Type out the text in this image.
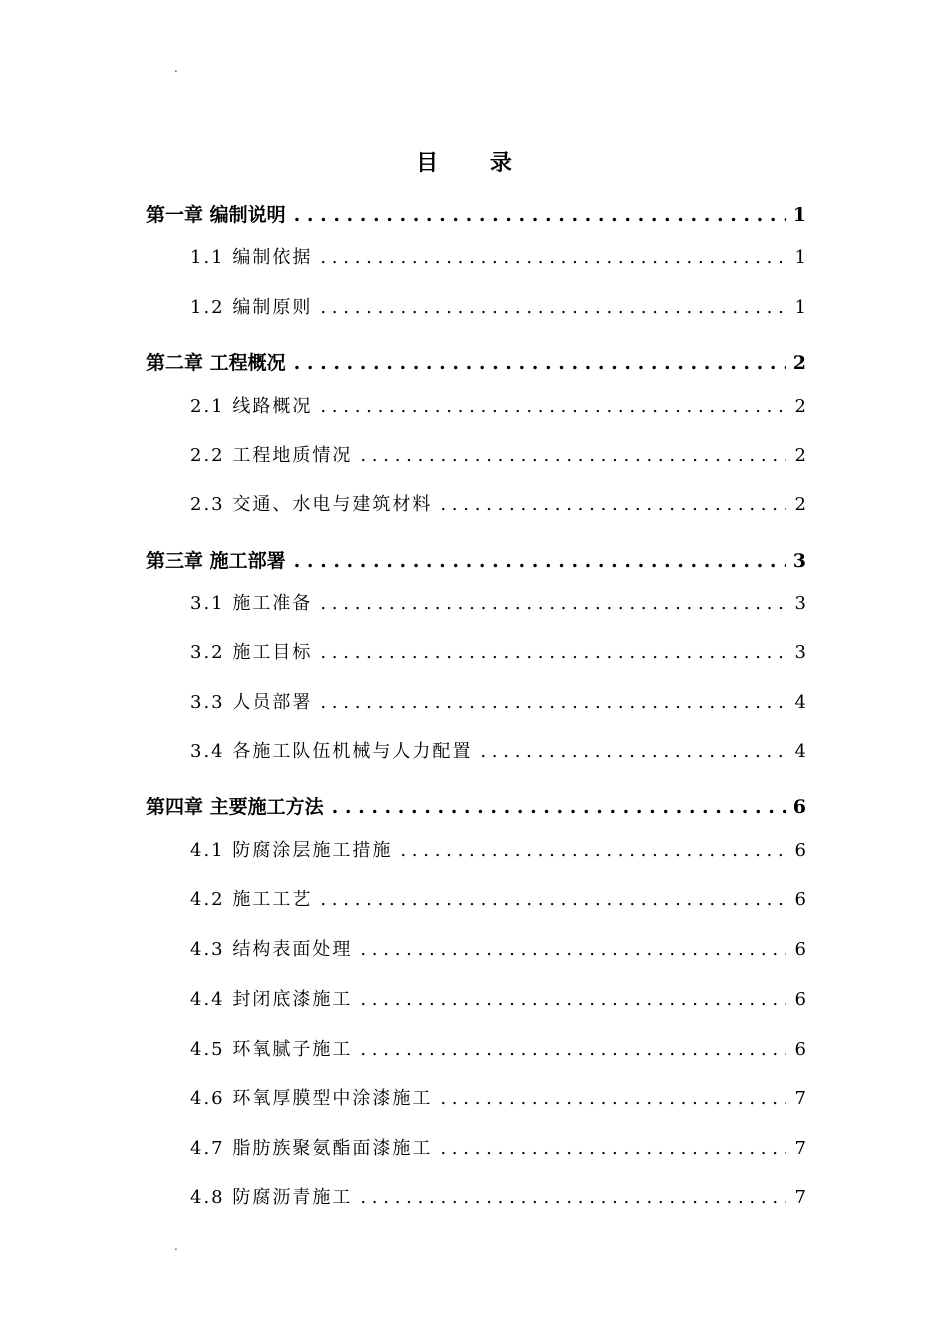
.
目 录
第一章 编制说明 . . .	1
1.1 编制依据 . . .	1
1.2 编制原则 . . .	1
第二章 工程概况 . . .	2
2.1 线路概况 . . .	2
2.2 工程地质情况 . . .	2
2.3 交通、水电与建筑材料 . . .	2
第三章 施工部署 . . .	3
3.1 施工准备 . . .	3
3.2 施工目标 . . .	3
3.3 人员部署 . . .	4
3.4 各施工队伍机械与人力配置 . . .	4
第四章 主要施工方法 . . .	6
4.1 防腐涂层施工措施 . . .	6
4.2 施工工艺 . . .	6
4.3 结构表面处理 . . .	6
4.4 封闭底漆施工 . . .	6
4.5 环氧腻子施工 . . .	6
4.6 环氧厚膜型中涂漆施工 . . .	7
4.7 脂肪族聚氨酯面漆施工 . . .	7
4.8 防腐沥青施工 . . .	7
.
